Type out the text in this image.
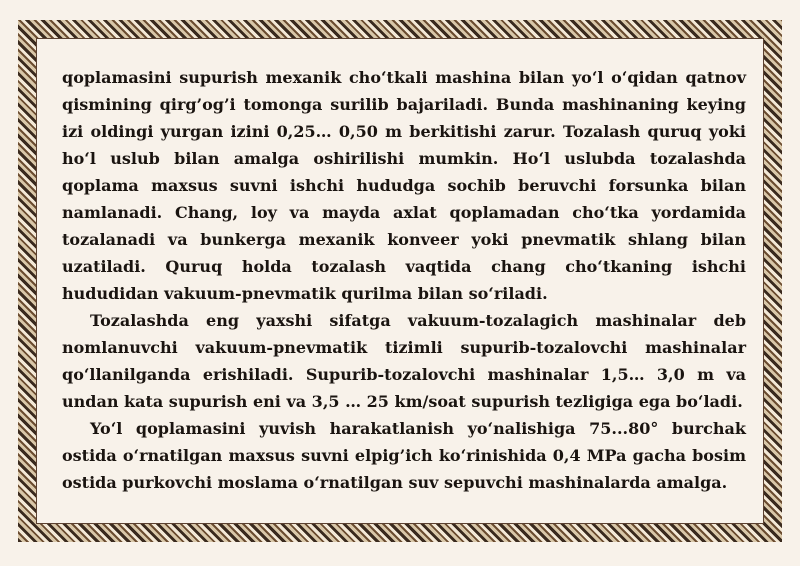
qoplamasini supurish mexanik cho‘tkali mashina bilan yo‘l o‘qidan qatnov qismining qirg’og’i tomonga surilib bajariladi. Bunda mashinaning keying izi oldingi yurgan izini 0,25… 0,50 m berkitishi zarur. Tozalash quruq yoki ho‘l uslub bilan amalga oshirilishi mumkin. Ho‘l uslubda tozalashda qoplama maxsus suvni ishchi hududga sochib beruvchi forsunka bilan namlanadi. Chang, loy va mayda axlat qoplamadan cho‘tka yordamida tozalanadi va bunkerga mexanik konveer yoki pnevmatik shlang bilan uzatiladi. Quruq holda tozalash vaqtida chang cho‘tkaning ishchi hududidan vakuum-pnevmatik qurilma bilan so‘riladi.

Tozalashda eng yaxshi sifatga vakuum-tozalagich mashinalar deb nomlanuvchi vakuum-pnevmatik tizimli supurib-tozalovchi mashinalar qo‘llanilganda erishiladi. Supurib-tozalovchi mashinalar 1,5… 3,0 m va undan kata supurish eni va 3,5 … 25 km/soat supurish tezligiga ega bo‘ladi.

Yo‘l qoplamasini yuvish harakatlanish yo‘nalishiga 75...80° burchak ostida o‘rnatilgan maxsus suvni elpig’ich ko‘rinishida 0,4 MPa gacha bosim ostida purkovchi moslama o‘rnatilgan suv sepuvchi mashinalarda amalga.
